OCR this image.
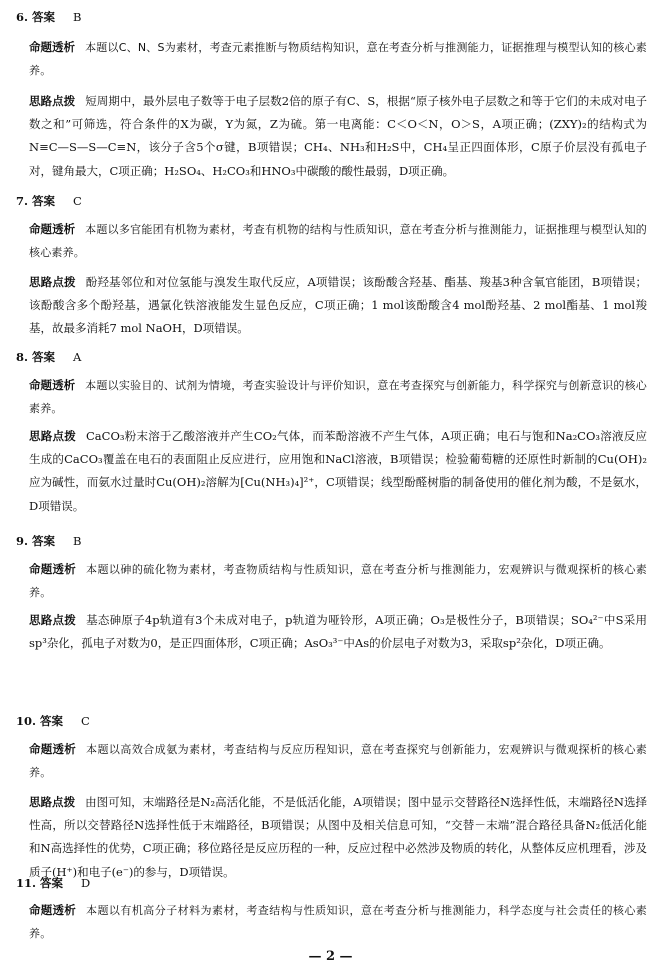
6. 答案 B
命题透析 本题以C、N、S为素材，考查元素推断与物质结构知识，意在考查分析与推测能力，证据推理与模型认知的核心素养。
思路点拨 短周期中，最外层电子数等于电子层数2倍的原子有C、S，根据“原子核外电子层数之和等于它们的未成对电子数之和”可筛选，符合条件的X为碳，Y为氮，Z为硫。第一电离能：C＜O＜N，O＞S，A项正确；(ZXY)₂的结构式为N≡C—S—S—C≡N，该分子含5个σ键，B项错误；CH₄、NH₃和H₂S中，CH₄呈正四面体形，C原子价层没有孤电子对，键角最大，C项正确；H₂SO₄、H₂CO₃和HNO₃中碳酸的酸性最弱，D项正确。
7. 答案 C
命题透析 本题以多官能团有机物为素材，考查有机物的结构与性质知识，意在考查分析与推测能力，证据推理与模型认知的核心素养。
思路点拨 酚羟基邻位和对位氢能与溴发生取代反应，A项错误；该酚酸含羟基、酯基、羧基3种含氧官能团，B项错误；该酚酸含多个酚羟基，遇氯化铁溶液能发生显色反应，C项正确；1 mol该酚酸含4 mol酚羟基、2 mol酯基、1 mol羧基，故最多消耗7 mol NaOH，D项错误。
8. 答案 A
命题透析 本题以实验目的、试剂为情境，考查实验设计与评价知识，意在考查探究与创新能力，科学探究与创新意识的核心素养。
思路点拨 CaCO₃粉末溶于乙酸溶液并产生CO₂气体，而苯酚溶液不产生气体，A项正确；电石与饱和Na₂CO₃溶液反应生成的CaCO₃覆盖在电石的表面阻止反应进行，应用饱和NaCl溶液，B项错误；检验葡萄糖的还原性时新制的Cu(OH)₂应为碱性，而氨水过量时Cu(OH)₂溶解为[Cu(NH₃)₄]²⁺，C项错误；线型酚醛树脂的制备使用的催化剂为酸，不是氨水，D项错误。
9. 答案 B
命题透析 本题以砷的硫化物为素材，考查物质结构与性质知识，意在考查分析与推测能力，宏观辨识与微观探析的核心素养。
思路点拨 基态砷原子4p轨道有3个未成对电子，p轨道为哑铃形，A项正确；O₃是极性分子，B项错误；SO₄²⁻中S采用sp³杂化，孤电子对数为0，是正四面体形，C项正确；AsO₃³⁻中As的价层电子对数为3，采取sp²杂化，D项正确。
10. 答案 C
命题透析 本题以高效合成氨为素材，考查结构与反应历程知识，意在考查探究与创新能力，宏观辨识与微观探析的核心素养。
思路点拨 由图可知，末端路径是N₂高活化能，不是低活化能，A项错误；图中显示交替路径N选择性低，末端路径N选择性高，所以交替路径N选择性低于末端路径，B项错误；从图中及相关信息可知，“交替－末端”混合路径具备N₂低活化能和N高选择性的优势，C项正确；移位路径是反应历程的一种，反应过程中必然涉及物质的转化，从整体反应机理看，涉及质子(H⁺)和电子(e⁻)的参与，D项错误。
11. 答案 D
命题透析 本题以有机高分子材料为素材，考查结构与性质知识，意在考查分析与推测能力，科学态度与社会责任的核心素养。
— 2 —
